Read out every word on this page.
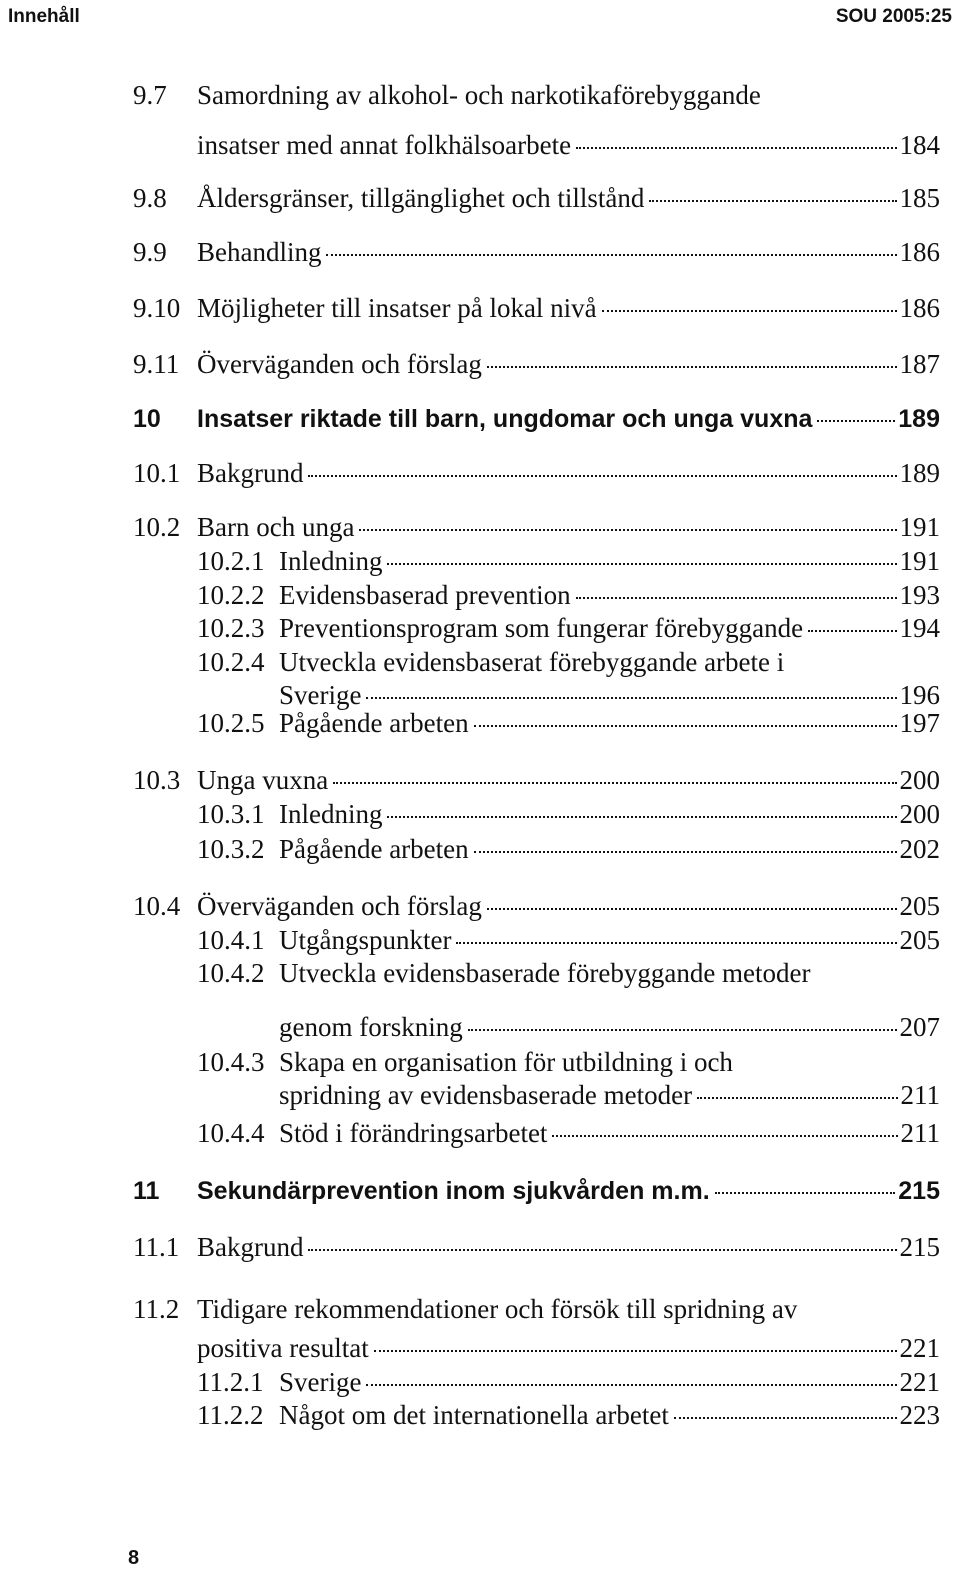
Innehåll	SOU 2005:25
9.7 Samordning av alkohol- och narkotikaförebyggande
insatser med annat folkhälsoarbete	184
9.8 Åldersgränser, tillgänglighet och tillstånd	185
9.9 Behandling	186
9.10 Möjligheter till insatser på lokal nivå	186
9.11 Överväganden och förslag	187
10 Insatser riktade till barn, ungdomar och unga vuxna	189
10.1 Bakgrund	189
10.2 Barn och unga	191
10.2.1 Inledning	191
10.2.2 Evidensbaserad prevention	193
10.2.3 Preventionsprogram som fungerar förebyggande	194
10.2.4 Utveckla evidensbaserat förebyggande arbete i
Sverige	196
10.2.5 Pågående arbeten	197
10.3 Unga vuxna	200
10.3.1 Inledning	200
10.3.2 Pågående arbeten	202
10.4 Överväganden och förslag	205
10.4.1 Utgångspunkter	205
10.4.2 Utveckla evidensbaserade förebyggande metoder
genom forskning	207
10.4.3 Skapa en organisation för utbildning i och
spridning av evidensbaserade metoder	211
10.4.4 Stöd i förändringsarbetet	211
11 Sekundärprevention inom sjukvården m.m.	215
11.1 Bakgrund	215
11.2 Tidigare rekommendationer och försök till spridning av
positiva resultat	221
11.2.1 Sverige	221
11.2.2 Något om det internationella arbetet	223
8
